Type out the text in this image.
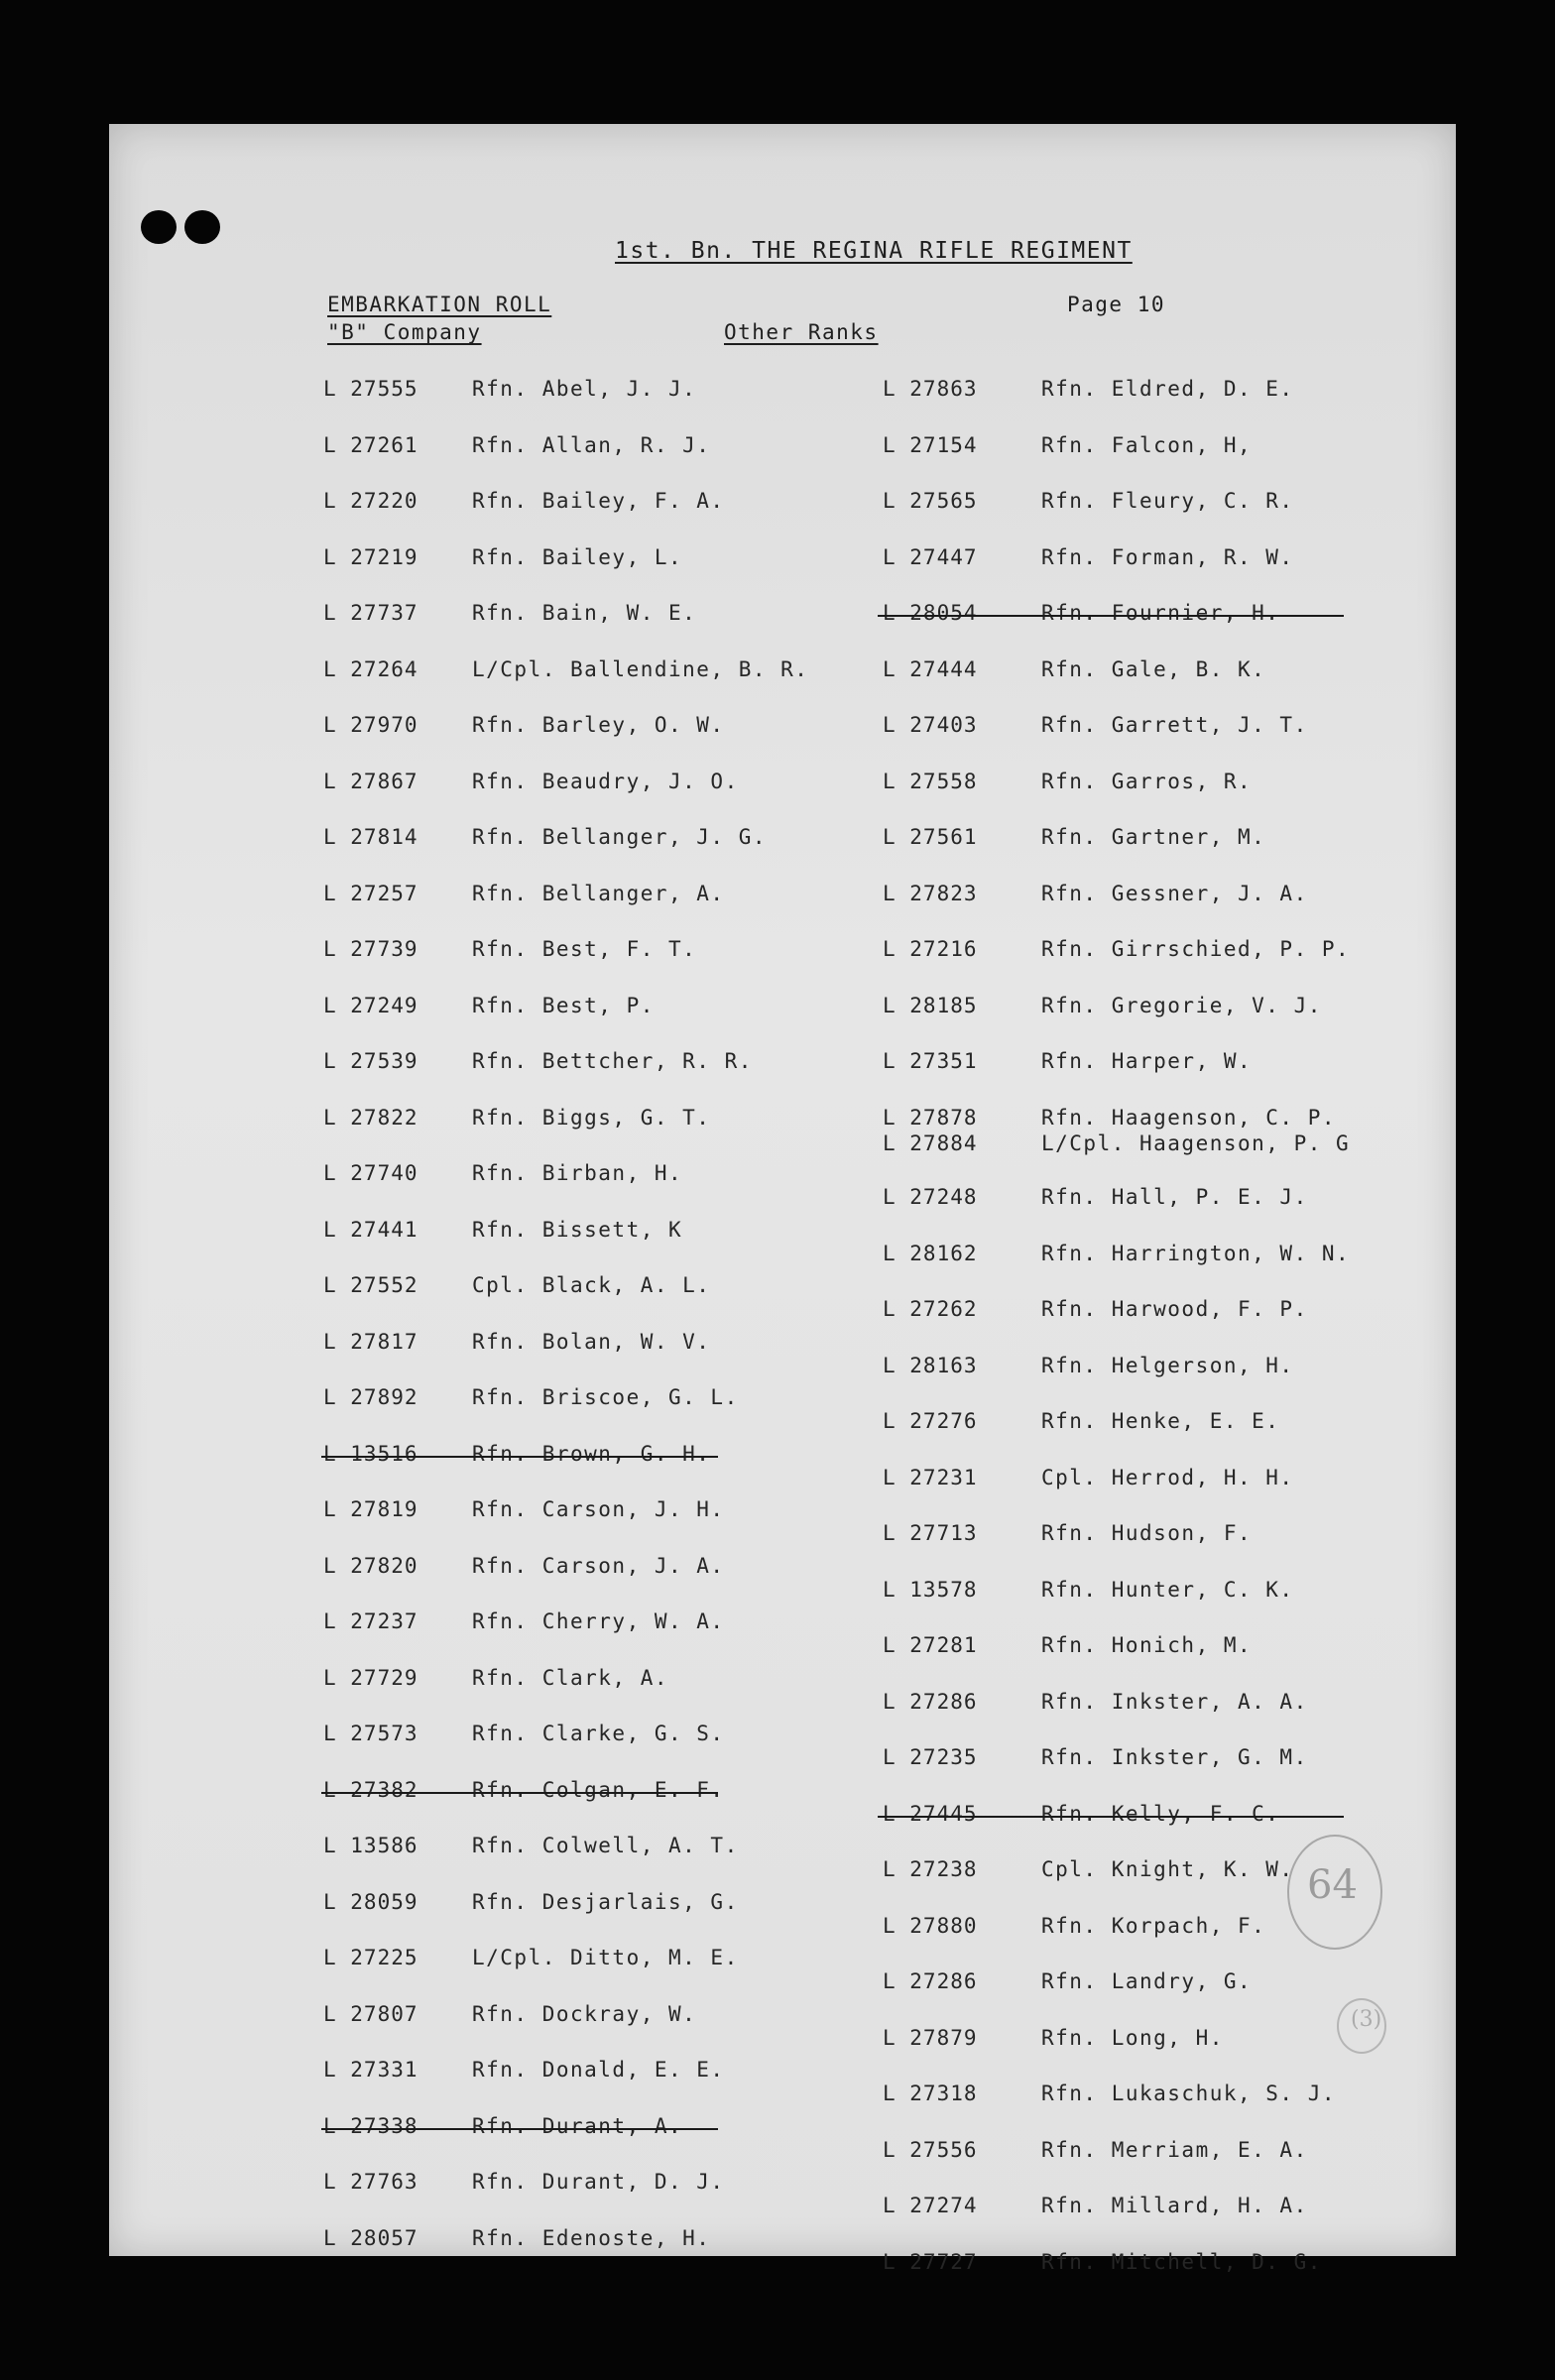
1st. Bn. THE REGINA RIFLE REGIMENT
EMBARKATION ROLL
"B" Company	Other Ranks
Page 10
L 27555	Rfn. Abel, J. J.
L 27261	Rfn. Allan, R. J.
L 27220	Rfn. Bailey, F. A.
L 27219	Rfn. Bailey, L.
L 27737	Rfn. Bain, W. E.
L 27264	L/Cpl. Ballendine, B. R.
L 27970	Rfn. Barley, O. W.
L 27867	Rfn. Beaudry, J. O.
L 27814	Rfn. Bellanger, J. G.
L 27257	Rfn. Bellanger, A.
L 27739	Rfn. Best, F. T.
L 27249	Rfn. Best, P.
L 27539	Rfn. Bettcher, R. R.
L 27822	Rfn. Biggs, G. T.
L 27740	Rfn. Birban, H.
L 27441	Rfn. Bissett, K
L 27552	Cpl. Black, A. L.
L 27817	Rfn. Bolan, W. V.
L 27892	Rfn. Briscoe, G. L.
L 13516	Rfn. Brown, G. H.
L 27819	Rfn. Carson, J. H.
L 27820	Rfn. Carson, J. A.
L 27237	Rfn. Cherry, W. A.
L 27729	Rfn. Clark, A.
L 27573	Rfn. Clarke, G. S.
L 27382	Rfn. Colgan, E. F.
L 13586	Rfn. Colwell, A. T.
L 28059	Rfn. Desjarlais, G.
L 27225	L/Cpl. Ditto, M. E.
L 27807	Rfn. Dockray, W.
L 27331	Rfn. Donald, E. E.
L 27338	Rfn. Durant, A.
L 27763	Rfn. Durant, D. J.
L 28057	Rfn. Edenoste, H.
L 27863	Rfn. Eldred, D. E.
L 27154	Rfn. Falcon, H,
L 27565	Rfn. Fleury, C. R.
L 27447	Rfn. Forman, R. W.
L 28054	Rfn. Fournier, H.
L 27444	Rfn. Gale, B. K.
L 27403	Rfn. Garrett, J. T.
L 27558	Rfn. Garros, R.
L 27561	Rfn. Gartner, M.
L 27823	Rfn. Gessner, J. A.
L 27216	Rfn. Girrschied, P. P.
L 28185	Rfn. Gregorie, V. J.
L 27351	Rfn. Harper, W.
L 27878	Rfn. Haagenson, C. P.
L 27884	L/Cpl. Haagenson, P. G
L 27248	Rfn. Hall, P. E. J.
L 28162	Rfn. Harrington, W. N.
L 27262	Rfn. Harwood, F. P.
L 28163	Rfn. Helgerson, H.
L 27276	Rfn. Henke, E. E.
L 27231	Cpl. Herrod, H. H.
L 27713	Rfn. Hudson, F.
L 13578	Rfn. Hunter, C. K.
L 27281	Rfn. Honich, M.
L 27286	Rfn. Inkster, A. A.
L 27235	Rfn. Inkster, G. M.
L 27445	Rfn. Kelly, F. C.
L 27238	Cpl. Knight, K. W.
L 27880	Rfn. Korpach, F.
L 27286	Rfn. Landry, G.
L 27879	Rfn. Long, H.
L 27318	Rfn. Lukaschuk, S. J.
L 27556	Rfn. Merriam, E. A.
L 27274	Rfn. Millard, H. A.
L 27727	Rfn. Mitchell, D. G.
64
(3)
